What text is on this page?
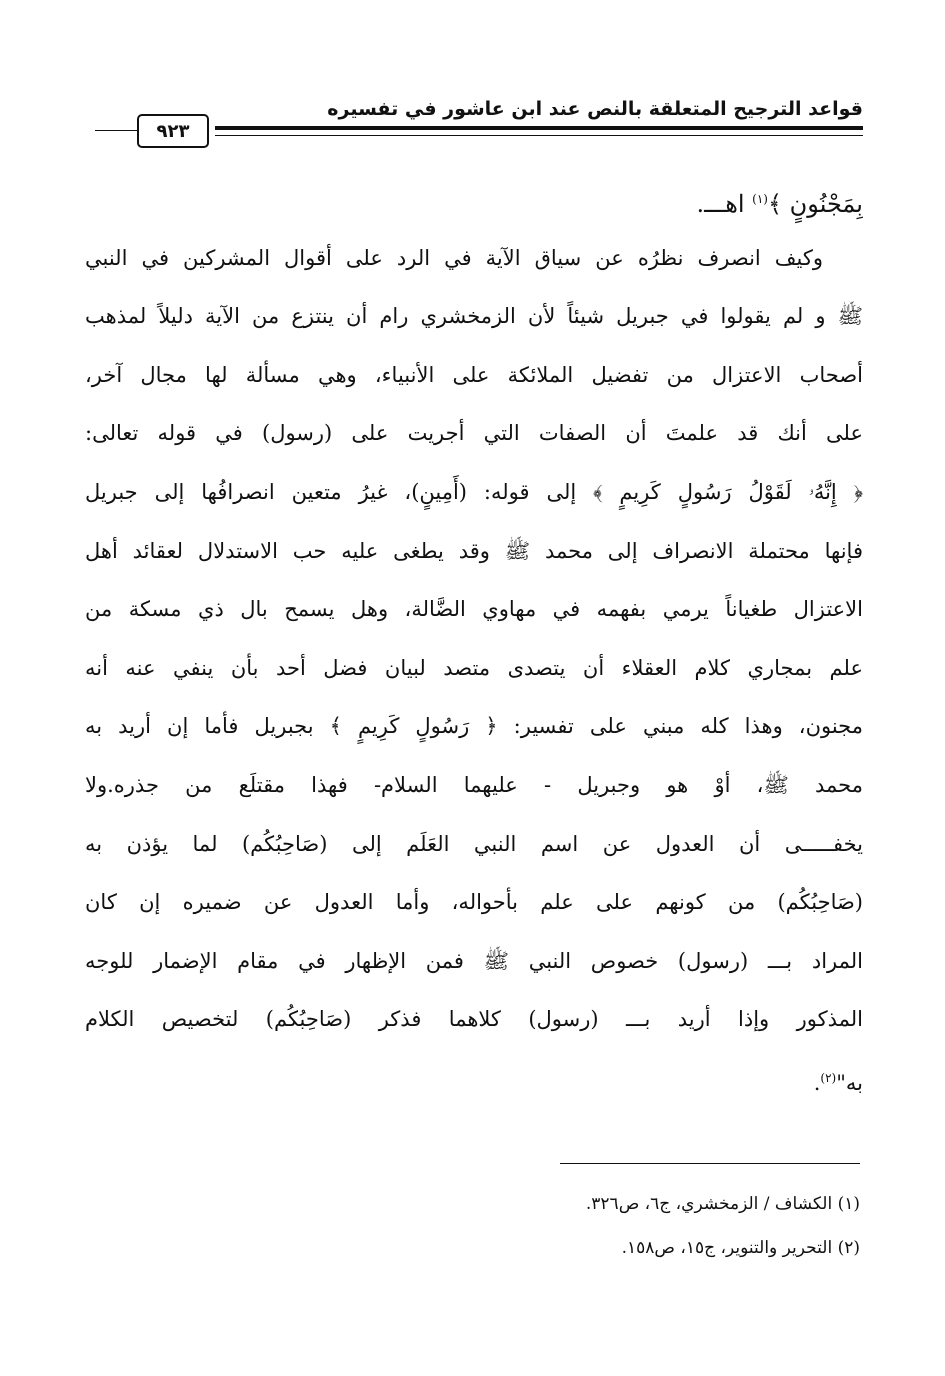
قواعد الترجيح المتعلقة بالنص عند ابن عاشور في تفسيره
٩٢٣
بِمَجْنُونٍ ﴾$^{(١)}$ اهـــ.
وكيف انصرف نظرُه عن سياق الآية في الرد على أقوال المشركين في النبي
ﷺ و لم يقولوا في جبريل شيئاً لأن الزمخشري رام أن ينتزع من الآية دليلاً لمذهب
أصحاب الاعتزال من تفضيل الملائكة على الأنبياء، وهي مسألة لها مجال آخر،
على أنك قد علمتَ أن الصفات التي أجريت على (رسول) في قوله تعالى:
﴿ إِنَّهُۥ لَقَوْلُ رَسُولٍ كَرِيمٍ ﴾ إلى قوله: (أَمِينٍ)، غيرُ متعين انصرافُها إلى جبريل
فإنها محتملة الانصراف إلى محمد ﷺ وقد يطغى عليه حب الاستدلال لعقائد أهل
الاعتزال طغياناً يرمي بفهمه في مهاوي الضَّالة، وهل يسمح بال ذي مسكة من
علم بمجاري كلام العقلاء أن يتصدى متصد لبيان فضل أحد بأن ينفي عنه أنه
مجنون، وهذا كله مبني على تفسير: ﴿ رَسُولٍ كَرِيمٍ ﴾ بجبريل فأما إن أريد به
محمد ﷺ، أوْ هو وجبريل - عليهما السلام- فهذا مقتلَع من جذره.ولا
يخفـــــى أن العدول عن اسم النبي العَلَم إلى (صَاحِبُكُم) لما يؤذن به
(صَاحِبُكُم) من كونهم على علم بأحواله، وأما العدول عن ضميره إن كان
المراد بـــ (رسول) خصوص النبي ﷺ فمن الإظهار في مقام الإضمار للوجه
المذكور وإذا أريد بـــ (رسول) كلاهما فذكر (صَاحِبُكُم) لتخصيص الكلام
به"$^{(٢)}$.
(١) الكشاف / الزمخشري، ج٦، ص٣٢٦.
(٢) التحرير والتنوير، ج١٥، ص١٥٨.
